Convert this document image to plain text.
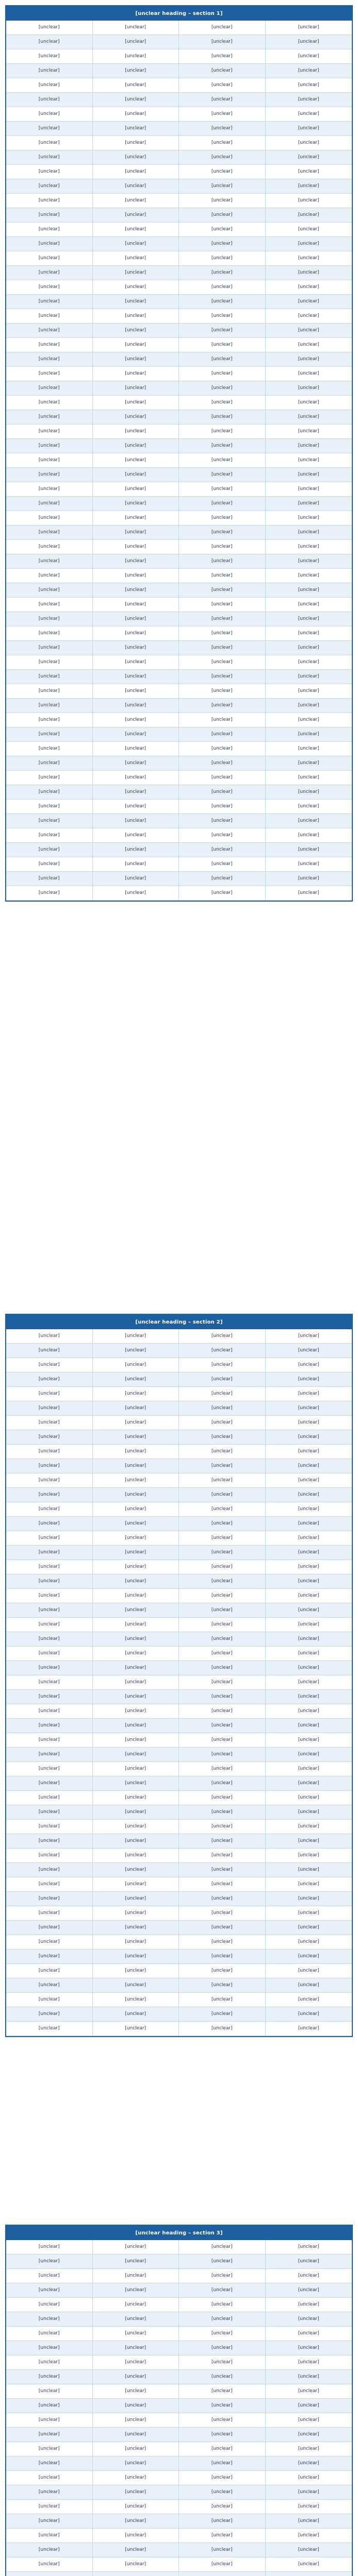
[unclear heading – section 1]
[unclear]	[unclear]	[unclear]	[unclear]
[unclear]	[unclear]	[unclear]	[unclear]
[unclear]	[unclear]	[unclear]	[unclear]
[unclear]	[unclear]	[unclear]	[unclear]
[unclear]	[unclear]	[unclear]	[unclear]
[unclear]	[unclear]	[unclear]	[unclear]
[unclear]	[unclear]	[unclear]	[unclear]
[unclear]	[unclear]	[unclear]	[unclear]
[unclear]	[unclear]	[unclear]	[unclear]
[unclear]	[unclear]	[unclear]	[unclear]
[unclear]	[unclear]	[unclear]	[unclear]
[unclear]	[unclear]	[unclear]	[unclear]
[unclear]	[unclear]	[unclear]	[unclear]
[unclear]	[unclear]	[unclear]	[unclear]
[unclear]	[unclear]	[unclear]	[unclear]
[unclear]	[unclear]	[unclear]	[unclear]
[unclear]	[unclear]	[unclear]	[unclear]
[unclear]	[unclear]	[unclear]	[unclear]
[unclear]	[unclear]	[unclear]	[unclear]
[unclear]	[unclear]	[unclear]	[unclear]
[unclear]	[unclear]	[unclear]	[unclear]
[unclear]	[unclear]	[unclear]	[unclear]
[unclear]	[unclear]	[unclear]	[unclear]
[unclear]	[unclear]	[unclear]	[unclear]
[unclear]	[unclear]	[unclear]	[unclear]
[unclear]	[unclear]	[unclear]	[unclear]
[unclear]	[unclear]	[unclear]	[unclear]
[unclear]	[unclear]	[unclear]	[unclear]
[unclear]	[unclear]	[unclear]	[unclear]
[unclear]	[unclear]	[unclear]	[unclear]
[unclear]	[unclear]	[unclear]	[unclear]
[unclear]	[unclear]	[unclear]	[unclear]
[unclear]	[unclear]	[unclear]	[unclear]
[unclear]	[unclear]	[unclear]	[unclear]
[unclear]	[unclear]	[unclear]	[unclear]
[unclear]	[unclear]	[unclear]	[unclear]
[unclear]	[unclear]	[unclear]	[unclear]
[unclear]	[unclear]	[unclear]	[unclear]
[unclear]	[unclear]	[unclear]	[unclear]
[unclear]	[unclear]	[unclear]	[unclear]
[unclear]	[unclear]	[unclear]	[unclear]
[unclear]	[unclear]	[unclear]	[unclear]
[unclear]	[unclear]	[unclear]	[unclear]
[unclear]	[unclear]	[unclear]	[unclear]
[unclear]	[unclear]	[unclear]	[unclear]
[unclear]	[unclear]	[unclear]	[unclear]
[unclear]	[unclear]	[unclear]	[unclear]
[unclear]	[unclear]	[unclear]	[unclear]
[unclear]	[unclear]	[unclear]	[unclear]
[unclear]	[unclear]	[unclear]	[unclear]
[unclear]	[unclear]	[unclear]	[unclear]
[unclear]	[unclear]	[unclear]	[unclear]
[unclear]	[unclear]	[unclear]	[unclear]
[unclear]	[unclear]	[unclear]	[unclear]
[unclear]	[unclear]	[unclear]	[unclear]
[unclear]	[unclear]	[unclear]	[unclear]
[unclear]	[unclear]	[unclear]	[unclear]
[unclear]	[unclear]	[unclear]	[unclear]
[unclear]	[unclear]	[unclear]	[unclear]
[unclear]	[unclear]	[unclear]	[unclear]
[unclear]	[unclear]	[unclear]	[unclear]
[unclear heading – section 2]
[unclear]	[unclear]	[unclear]	[unclear]
[unclear]	[unclear]	[unclear]	[unclear]
[unclear]	[unclear]	[unclear]	[unclear]
[unclear]	[unclear]	[unclear]	[unclear]
[unclear]	[unclear]	[unclear]	[unclear]
[unclear]	[unclear]	[unclear]	[unclear]
[unclear]	[unclear]	[unclear]	[unclear]
[unclear]	[unclear]	[unclear]	[unclear]
[unclear]	[unclear]	[unclear]	[unclear]
[unclear]	[unclear]	[unclear]	[unclear]
[unclear]	[unclear]	[unclear]	[unclear]
[unclear]	[unclear]	[unclear]	[unclear]
[unclear]	[unclear]	[unclear]	[unclear]
[unclear]	[unclear]	[unclear]	[unclear]
[unclear]	[unclear]	[unclear]	[unclear]
[unclear]	[unclear]	[unclear]	[unclear]
[unclear]	[unclear]	[unclear]	[unclear]
[unclear]	[unclear]	[unclear]	[unclear]
[unclear]	[unclear]	[unclear]	[unclear]
[unclear]	[unclear]	[unclear]	[unclear]
[unclear]	[unclear]	[unclear]	[unclear]
[unclear]	[unclear]	[unclear]	[unclear]
[unclear]	[unclear]	[unclear]	[unclear]
[unclear]	[unclear]	[unclear]	[unclear]
[unclear]	[unclear]	[unclear]	[unclear]
[unclear]	[unclear]	[unclear]	[unclear]
[unclear]	[unclear]	[unclear]	[unclear]
[unclear]	[unclear]	[unclear]	[unclear]
[unclear]	[unclear]	[unclear]	[unclear]
[unclear]	[unclear]	[unclear]	[unclear]
[unclear]	[unclear]	[unclear]	[unclear]
[unclear]	[unclear]	[unclear]	[unclear]
[unclear]	[unclear]	[unclear]	[unclear]
[unclear]	[unclear]	[unclear]	[unclear]
[unclear]	[unclear]	[unclear]	[unclear]
[unclear]	[unclear]	[unclear]	[unclear]
[unclear]	[unclear]	[unclear]	[unclear]
[unclear]	[unclear]	[unclear]	[unclear]
[unclear]	[unclear]	[unclear]	[unclear]
[unclear]	[unclear]	[unclear]	[unclear]
[unclear]	[unclear]	[unclear]	[unclear]
[unclear]	[unclear]	[unclear]	[unclear]
[unclear]	[unclear]	[unclear]	[unclear]
[unclear]	[unclear]	[unclear]	[unclear]
[unclear]	[unclear]	[unclear]	[unclear]
[unclear]	[unclear]	[unclear]	[unclear]
[unclear]	[unclear]	[unclear]	[unclear]
[unclear]	[unclear]	[unclear]	[unclear]
[unclear]	[unclear]	[unclear]	[unclear]
[unclear heading – section 3]
[unclear]	[unclear]	[unclear]	[unclear]
[unclear]	[unclear]	[unclear]	[unclear]
[unclear]	[unclear]	[unclear]	[unclear]
[unclear]	[unclear]	[unclear]	[unclear]
[unclear]	[unclear]	[unclear]	[unclear]
[unclear]	[unclear]	[unclear]	[unclear]
[unclear]	[unclear]	[unclear]	[unclear]
[unclear]	[unclear]	[unclear]	[unclear]
[unclear]	[unclear]	[unclear]	[unclear]
[unclear]	[unclear]	[unclear]	[unclear]
[unclear]	[unclear]	[unclear]	[unclear]
[unclear]	[unclear]	[unclear]	[unclear]
[unclear]	[unclear]	[unclear]	[unclear]
[unclear]	[unclear]	[unclear]	[unclear]
[unclear]	[unclear]	[unclear]	[unclear]
[unclear]	[unclear]	[unclear]	[unclear]
[unclear]	[unclear]	[unclear]	[unclear]
[unclear]	[unclear]	[unclear]	[unclear]
[unclear]	[unclear]	[unclear]	[unclear]
[unclear]	[unclear]	[unclear]	[unclear]
[unclear]	[unclear]	[unclear]	[unclear]
[unclear]	[unclear]	[unclear]	[unclear]
[unclear]	[unclear]	[unclear]	[unclear]
